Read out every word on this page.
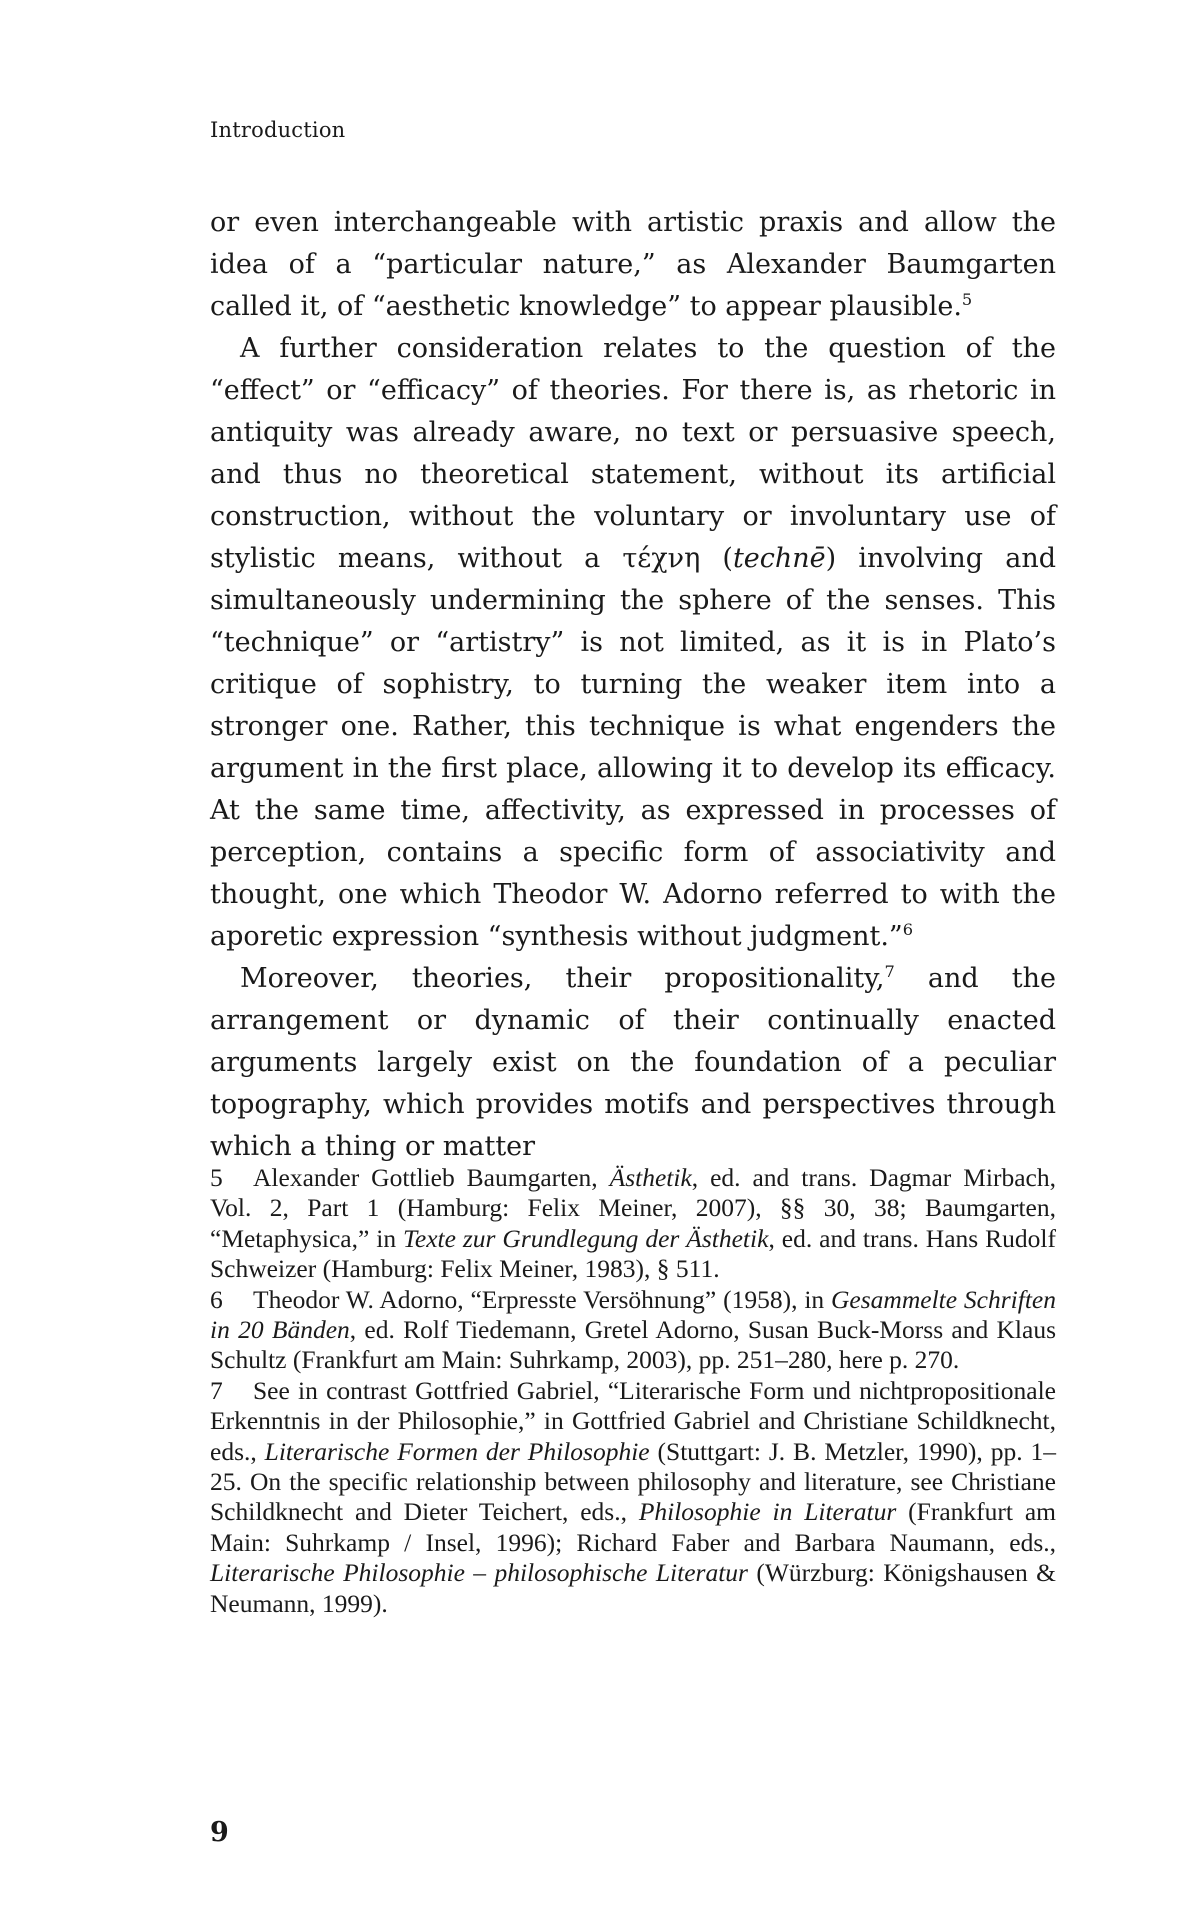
Introduction

or even interchangeable with artistic praxis and allow the idea of a “particular nature,” as Alexander Baumgarten called it, of “aesthetic knowledge” to appear plausible.$^5$

A further consideration relates to the question of the “effect” or “efficacy” of theories. For there is, as rhetoric in antiquity was already aware, no text or persuasive speech, and thus no theoretical statement, without its artificial construction, without the voluntary or involuntary use of stylistic means, without a τέχνη (technē) involving and simultaneously undermining the sphere of the senses. This “technique” or “artistry” is not limited, as it is in Plato’s critique of sophistry, to turning the weaker item into a stronger one. Rather, this technique is what engenders the argument in the first place, allowing it to develop its efficacy. At the same time, affectivity, as expressed in processes of perception, contains a specific form of associativity and thought, one which Theodor W. Adorno referred to with the aporetic expression “synthesis without judgment.”$^6$

Moreover, theories, their propositionality,$^7$ and the arrangement or dynamic of their continually enacted arguments largely exist on the foundation of a peculiar topography, which provides motifs and perspectives through which a thing or matter

5 Alexander Gottlieb Baumgarten, Ästhetik, ed. and trans. Dagmar Mirbach, Vol. 2, Part 1 (Hamburg: Felix Meiner, 2007), §§ 30, 38; Baumgarten, “Metaphysica,” in Texte zur Grundlegung der Ästhetik, ed. and trans. Hans Rudolf Schweizer (Hamburg: Felix Meiner, 1983), § 511.

6 Theodor W. Adorno, “Erpresste Versöhnung” (1958), in Gesammelte Schriften in 20 Bänden, ed. Rolf Tiedemann, Gretel Adorno, Susan Buck-Morss and Klaus Schultz (Frankfurt am Main: Suhrkamp, 2003), pp. 251–280, here p. 270.

7 See in contrast Gottfried Gabriel, “Literarische Form und nichtpropositionale Erkenntnis in der Philosophie,” in Gottfried Gabriel and Christiane Schildknecht, eds., Literarische Formen der Philosophie (Stuttgart: J. B. Metzler, 1990), pp. 1–25. On the specific relationship between philosophy and literature, see Christiane Schildknecht and Dieter Teichert, eds., Philosophie in Literatur (Frankfurt am Main: Suhrkamp / Insel, 1996); Richard Faber and Barbara Naumann, eds., Literarische Philosophie – philosophische Literatur (Würzburg: Königshausen & Neumann, 1999).

9
